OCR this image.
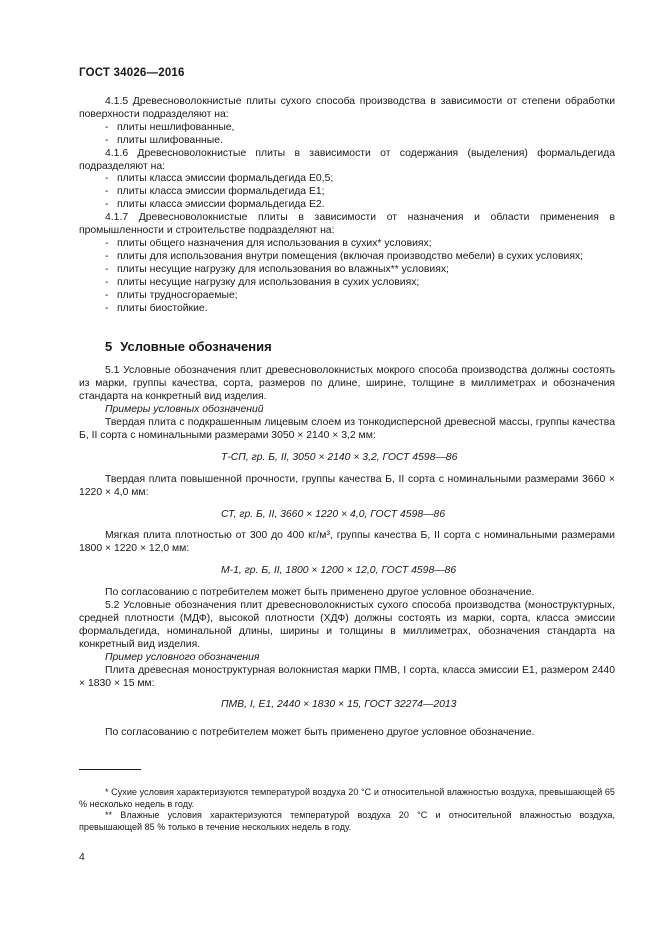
ГОСТ 34026—2016

4.1.5 Древесноволокнистые плиты сухого способа производства в зависимости от степени обработки поверхности подразделяют на:

- плиты нешлифованные,
- плиты шлифованные.

4.1.6 Древесноволокнистые плиты в зависимости от содержания (выделения) формальдегида подразделяют на:

- плиты класса эмиссии формальдегида Е0,5;
- плиты класса эмиссии формальдегида Е1;
- плиты класса эмиссии формальдегида Е2.

4.1.7 Древесноволокнистые плиты в зависимости от назначения и области применения в промышленности и строительстве подразделяют на:

- плиты общего назначения для использования в сухих* условиях;
- плиты для использования внутри помещения (включая производство мебели) в сухих условиях;
- плиты несущие нагрузку для использования во влажных** условиях;
- плиты несущие нагрузку для использования в сухих условиях;
- плиты трудносгораемые;
- плиты биостойкие.
5 Условные обозначения

5.1 Условные обозначения плит древесноволокнистых мокрого способа производства должны состоять из марки, группы качества, сорта, размеров по длине, ширине, толщине в миллиметрах и обозначения стандарта на конкретный вид изделия.

Примеры условных обозначений

Твердая плита с подкрашенным лицевым слоем из тонкодисперсной древесной массы, группы качества Б, II сорта с номинальными размерами 3050 × 2140 × 3,2 мм:

Т-СП, гр. Б, II, 3050 × 2140 × 3,2, ГОСТ 4598—86

Твердая плита повышенной прочности, группы качества Б, II сорта с номинальными размерами 3660 × 1220 × 4,0 мм:

СТ, гр. Б, II, 3660 × 1220 × 4,0, ГОСТ 4598—86

Мягкая плита плотностью от 300 до 400 кг/м³, группы качества Б, II сорта с номинальными размерами 1800 × 1220 × 12,0 мм:

М-1, гр. Б, II, 1800 × 1200 × 12,0, ГОСТ 4598—86

По согласованию с потребителем может быть применено другое условное обозначение.

5.2 Условные обозначения плит древесноволокнистых сухого способа производства (моноструктурных, средней плотности (МДФ), высокой плотности (ХДФ) должны состоять из марки, сорта, класса эмиссии формальдегида, номинальной длины, ширины и толщины в миллиметрах, обозначения стандарта на конкретный вид изделия.

Пример условного обозначения

Плита древесная моноструктурная волокнистая марки ПМВ, I сорта, класса эмиссии Е1, размером 2440 × 1830 × 15 мм:

ПМВ, I, Е1, 2440 × 1830 × 15, ГОСТ 32274—2013

По согласованию с потребителем может быть применено другое условное обозначение.

* Сухие условия характеризуются температурой воздуха 20 °С и относительной влажностью воздуха, превышающей 65 % несколько недель в году.

** Влажные условия характеризуются температурой воздуха 20 °С и относительной влажностью воздуха, превышающей 85 % только в течение нескольких недель в году.

4
